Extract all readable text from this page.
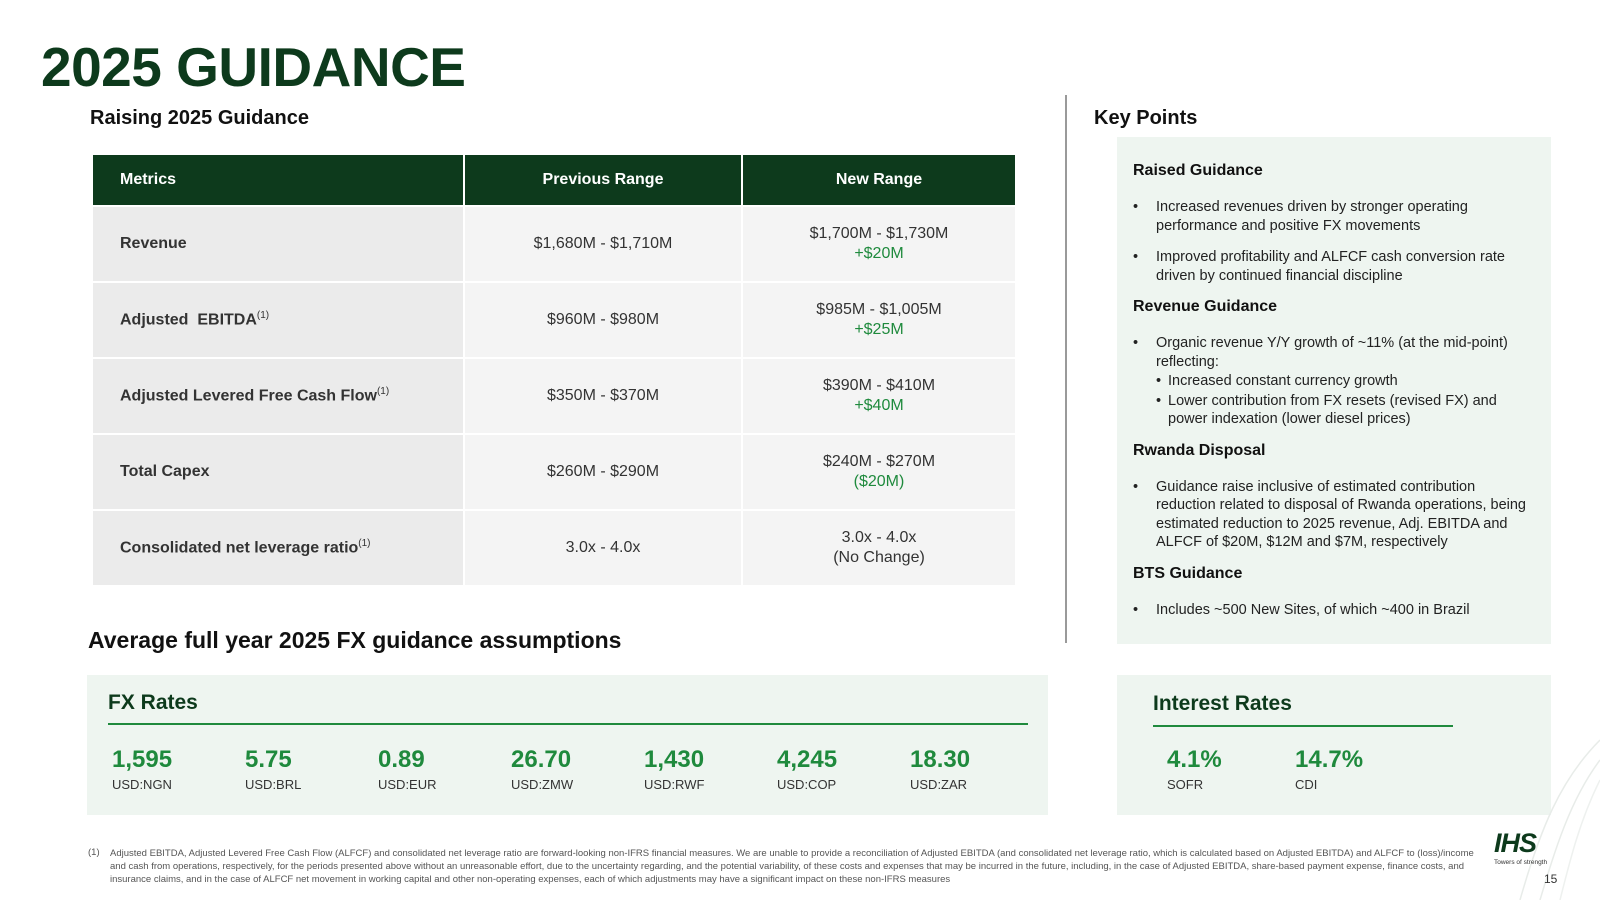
2025 GUIDANCE
Raising 2025 Guidance
Metrics	Previous Range	New Range
Revenue	$1,680M - $1,710M	$1,700M - $1,730M
+$20M

Adjusted  EBITDA$^{(1)}$	$960M - $980M	$985M - $1,005M
+$25M

Adjusted Levered Free Cash Flow$^{(1)}$	$350M - $370M	$390M - $410M
+$40M

Total Capex	$260M - $290M	$240M - $270M
($20M)

Consolidated net leverage ratio$^{(1)}$	3.0x - 4.0x	3.0x - 4.0x
(No Change)
Key Points
Raised Guidance
• Increased revenues driven by stronger operating performance and positive FX movements
• Improved profitability and ALFCF cash conversion rate driven by continued financial discipline
Revenue Guidance
• Organic revenue Y/Y growth of ~11% (at the mid-point) reflecting:
• Increased constant currency growth
• Lower contribution from FX resets (revised FX) and power indexation (lower diesel prices)
Rwanda Disposal
• Guidance raise inclusive of estimated contribution reduction related to disposal of Rwanda operations, being estimated reduction to 2025 revenue, Adj. EBITDA and ALFCF of $20M, $12M and $7M, respectively
BTS Guidance
• Includes ~500 New Sites, of which ~400 in Brazil
Average full year 2025 FX guidance assumptions
FX Rates
1,595
USD:NGN
5.75
USD:BRL
0.89
USD:EUR
26.70
USD:ZMW
1,430
USD:RWF
4,245
USD:COP
18.30
USD:ZAR
Interest Rates
4.1%
SOFR
14.7%
CDI
(1) Adjusted EBITDA, Adjusted Levered Free Cash Flow (ALFCF) and consolidated net leverage ratio are forward-looking non-IFRS financial measures. We are unable to provide a reconciliation of Adjusted EBITDA (and consolidated net leverage ratio, which is calculated based on Adjusted EBITDA) and ALFCF to (loss)/income and cash from operations, respectively, for the periods presented above without an unreasonable effort, due to the uncertainty regarding, and the potential variability, of these costs and expenses that may be incurred in the future, including, in the case of Adjusted EBITDA, share-based payment expense, finance costs, and insurance claims, and in the case of ALFCF net movement in working capital and other non-operating expenses, each of which adjustments may have a significant impact on these non-IFRS measures
IHS
Towers of strength
15
